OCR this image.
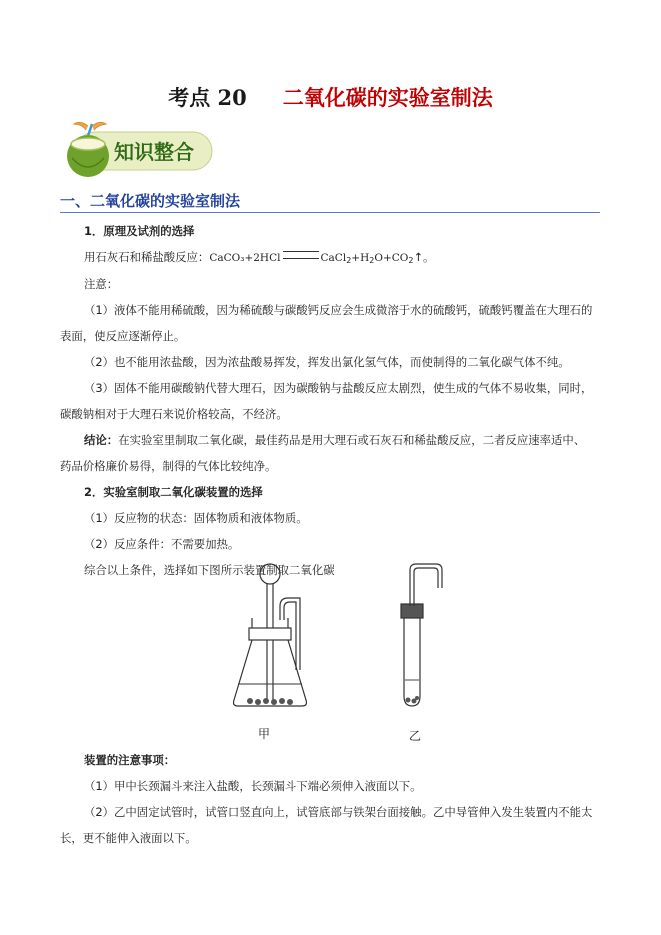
考点 20 二氧化碳的实验室制法
知识整合
一、二氧化碳的实验室制法
1．原理及试剂的选择
用石灰石和稀盐酸反应：CaCO₃+2HCl	$CaCl_2+H_2O+CO_2↑$。
注意：
（1）液体不能用稀硫酸，因为稀硫酸与碳酸钙反应会生成微溶于水的硫酸钙，硫酸钙覆盖在大理石的
表面，使反应逐渐停止。
（2）也不能用浓盐酸，因为浓盐酸易挥发，挥发出氯化氢气体，而使制得的二氧化碳气体不纯。
（3）固体不能用碳酸钠代替大理石，因为碳酸钠与盐酸反应太剧烈，使生成的气体不易收集，同时，
碳酸钠相对于大理石来说价格较高，不经济。
结论：在实验室里制取二氧化碳，最佳药品是用大理石或石灰石和稀盐酸反应，二者反应速率适中、
药品价格廉价易得，制得的气体比较纯净。
2．实验室制取二氧化碳装置的选择
（1）反应物的状态：固体物质和液体物质。
（2）反应条件：不需要加热。
综合以上条件，选择如下图所示装置制取二氧化碳
甲	乙
装置的注意事项：
（1）甲中长颈漏斗来注入盐酸，长颈漏斗下端必须伸入液面以下。
（2）乙中固定试管时，试管口竖直向上，试管底部与铁架台面接触。乙中导管伸入发生装置内不能太
长，更不能伸入液面以下。
